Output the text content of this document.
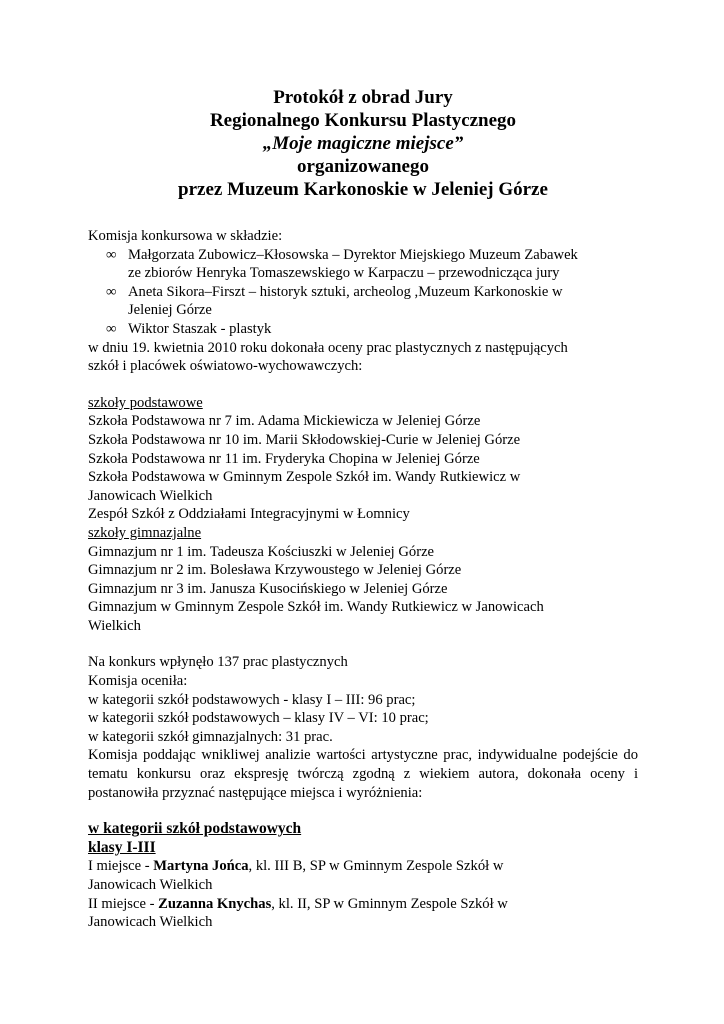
Protokół z obrad Jury
Regionalnego Konkursu Plastycznego
„Moje magiczne miejsce”
organizowanego
przez Muzeum Karkonoskie w Jeleniej Górze
Komisja konkursowa w składzie:
∞ Małgorzata Zubowicz–Kłosowska – Dyrektor Miejskiego Muzeum Zabawek
ze zbiorów Henryka Tomaszewskiego w Karpaczu – przewodnicząca jury
∞ Aneta Sikora–Firszt – historyk sztuki, archeolog ,Muzeum Karkonoskie w
Jeleniej Górze
∞ Wiktor Staszak - plastyk
w dniu 19. kwietnia 2010 roku dokonała oceny prac plastycznych z następujących
szkół i placówek oświatowo-wychowawczych:
szkoły podstawowe
Szkoła Podstawowa nr 7 im. Adama Mickiewicza w Jeleniej Górze
Szkoła Podstawowa nr 10 im. Marii Skłodowskiej-Curie w Jeleniej Górze
Szkoła Podstawowa nr 11 im. Fryderyka Chopina w Jeleniej Górze
Szkoła Podstawowa w Gminnym Zespole Szkół im. Wandy Rutkiewicz w
Janowicach Wielkich
Zespół Szkół z Oddziałami Integracyjnymi w Łomnicy
szkoły gimnazjalne
Gimnazjum nr 1 im. Tadeusza Kościuszki w Jeleniej Górze
Gimnazjum nr 2 im. Bolesława Krzywoustego w Jeleniej Górze
Gimnazjum nr 3 im. Janusza Kusocińskiego w Jeleniej Górze
Gimnazjum w Gminnym Zespole Szkół im. Wandy Rutkiewicz w Janowicach
Wielkich
Na konkurs wpłynęło 137 prac plastycznych
Komisja oceniła:
w kategorii szkół podstawowych - klasy I – III: 96 prac;
w kategorii szkół podstawowych – klasy IV – VI: 10 prac;
w kategorii szkół gimnazjalnych: 31 prac.
Komisja poddając wnikliwej analizie wartości artystyczne prac, indywidualne podejście do tematu konkursu oraz ekspresję twórczą zgodną z wiekiem autora, dokonała oceny i postanowiła przyznać następujące miejsca i wyróżnienia:
w kategorii szkół podstawowych
klasy I-III
I miejsce - Martyna Jońca, kl. III B, SP w Gminnym Zespole Szkół w
Janowicach Wielkich
II miejsce - Zuzanna Knychas, kl. II, SP w Gminnym Zespole Szkół w
Janowicach Wielkich
